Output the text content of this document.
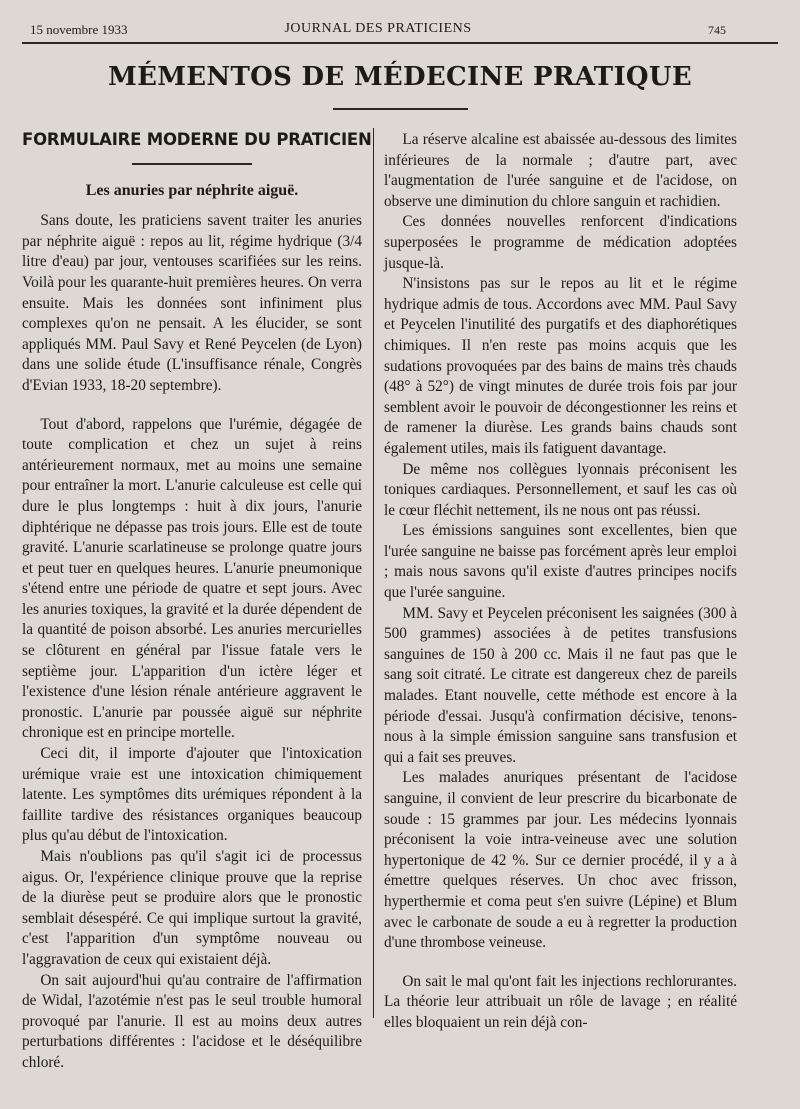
15 novembre 1933	JOURNAL DES PRATICIENS	745
MÉMENTOS DE MÉDECINE PRATIQUE
FORMULAIRE MODERNE DU PRATICIEN
Les anuries par néphrite aiguë.

Sans doute, les praticiens savent traiter les anuries par néphrite aiguë : repos au lit, régime hydrique (3/4 litre d'eau) par jour, ventouses scarifiées sur les reins. Voilà pour les quarante-huit premières heures. On verra ensuite. Mais les données sont infiniment plus complexes qu'on ne pensait. A les élucider, se sont appliqués MM. Paul Savy et René Peycelen (de Lyon) dans une solide étude (L'insuffisance rénale, Congrès d'Evian 1933, 18-20 septembre).

Tout d'abord, rappelons que l'urémie, dégagée de toute complication et chez un sujet à reins antérieurement normaux, met au moins une semaine pour entraîner la mort. L'anurie calculeuse est celle qui dure le plus longtemps : huit à dix jours, l'anurie diphtérique ne dépasse pas trois jours. Elle est de toute gravité. L'anurie scarlatineuse se prolonge quatre jours et peut tuer en quelques heures. L'anurie pneumonique s'étend entre une période de quatre et sept jours. Avec les anuries toxiques, la gravité et la durée dépendent de la quantité de poison absorbé. Les anuries mercurielles se clôturent en général par l'issue fatale vers le septième jour. L'apparition d'un ictère léger et l'existence d'une lésion rénale antérieure aggravent le pronostic. L'anurie par poussée aiguë sur néphrite chronique est en principe mortelle.

Ceci dit, il importe d'ajouter que l'intoxication urémique vraie est une intoxication chimiquement latente. Les symptômes dits urémiques répondent à la faillite tardive des résistances organiques beaucoup plus qu'au début de l'intoxication.

Mais n'oublions pas qu'il s'agit ici de processus aigus. Or, l'expérience clinique prouve que la reprise de la diurèse peut se produire alors que le pronostic semblait désespéré. Ce qui implique surtout la gravité, c'est l'apparition d'un symptôme nouveau ou l'aggravation de ceux qui existaient déjà.

On sait aujourd'hui qu'au contraire de l'affirmation de Widal, l'azotémie n'est pas le seul trouble humoral provoqué par l'anurie. Il est au moins deux autres perturbations différentes : l'acidose et le déséquilibre chloré.

La réserve alcaline est abaissée au-dessous des limites inférieures de la normale ; d'autre part, avec l'augmentation de l'urée sanguine et de l'acidose, on observe une diminution du chlore sanguin et rachidien.

Ces données nouvelles renforcent d'indications superposées le programme de médication adoptées jusque-là.

N'insistons pas sur le repos au lit et le régime hydrique admis de tous. Accordons avec MM. Paul Savy et Peycelen l'inutilité des purgatifs et des diaphorétiques chimiques. Il n'en reste pas moins acquis que les sudations provoquées par des bains de mains très chauds (48° à 52°) de vingt minutes de durée trois fois par jour semblent avoir le pouvoir de décongestionner les reins et de ramener la diurèse. Les grands bains chauds sont également utiles, mais ils fatiguent davantage.

De même nos collègues lyonnais préconisent les toniques cardiaques. Personnellement, et sauf les cas où le cœur fléchit nettement, ils ne nous ont pas réussi.

Les émissions sanguines sont excellentes, bien que l'urée sanguine ne baisse pas forcément après leur emploi ; mais nous savons qu'il existe d'autres principes nocifs que l'urée sanguine.

MM. Savy et Peycelen préconisent les saignées (300 à 500 grammes) associées à de petites transfusions sanguines de 150 à 200 cc. Mais il ne faut pas que le sang soit citraté. Le citrate est dangereux chez de pareils malades. Etant nouvelle, cette méthode est encore à la période d'essai. Jusqu'à confirmation décisive, tenons-nous à la simple émission sanguine sans transfusion et qui a fait ses preuves.

Les malades anuriques présentant de l'acidose sanguine, il convient de leur prescrire du bicarbonate de soude : 15 grammes par jour. Les médecins lyonnais préconisent la voie intra-veineuse avec une solution hypertonique de 42 %. Sur ce dernier procédé, il y a à émettre quelques réserves. Un choc avec frisson, hyperthermie et coma peut s'en suivre (Lépine) et Blum avec le carbonate de soude a eu à regretter la production d'une thrombose veineuse.

On sait le mal qu'ont fait les injections rechlorurantes. La théorie leur attribuait un rôle de lavage ; en réalité elles bloquaient un rein déjà con-
